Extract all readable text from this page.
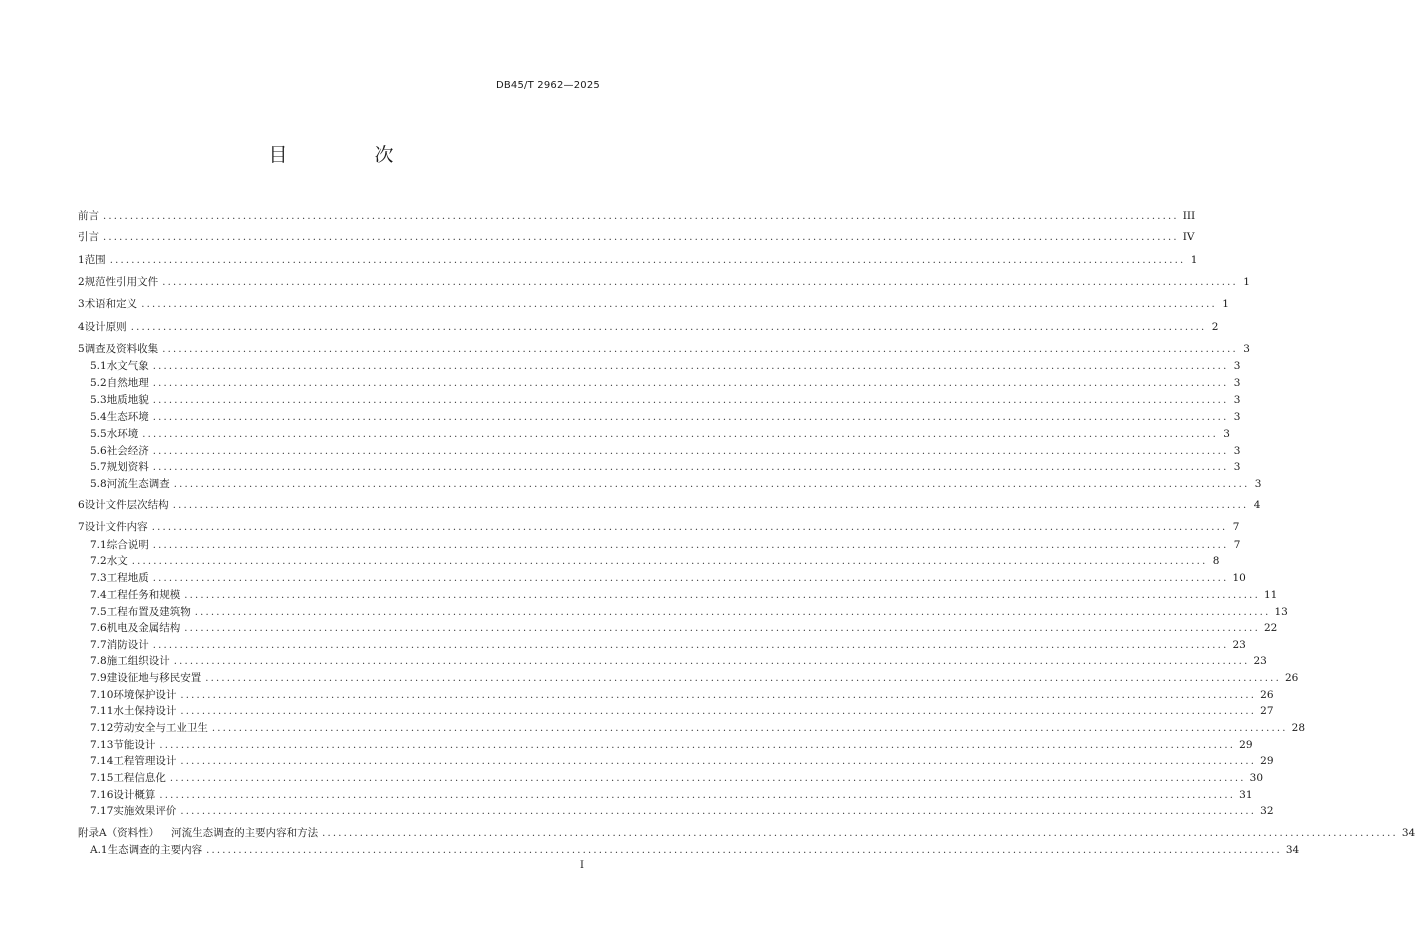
DB45/T 2962—2025
目　次
前言 ........................................................................................................................................................................................................ III
引言 ........................................................................................................................................................................................................ IV
1 范围 ........................................................................................................................................................................................................ 1
2 规范性引用文件 ........................................................................................................................................................................................................ 1
3 术语和定义 ........................................................................................................................................................................................................ 1
4 设计原则 ........................................................................................................................................................................................................ 2
5 调查及资料收集 ........................................................................................................................................................................................................ 3
5.1 水文气象 ........................................................................................................................................................................................................ 3
5.2 自然地理 ........................................................................................................................................................................................................ 3
5.3 地质地貌 ........................................................................................................................................................................................................ 3
5.4 生态环境 ........................................................................................................................................................................................................ 3
5.5 水环境 ........................................................................................................................................................................................................ 3
5.6 社会经济 ........................................................................................................................................................................................................ 3
5.7 规划资料 ........................................................................................................................................................................................................ 3
5.8 河流生态调查 ........................................................................................................................................................................................................ 3
6 设计文件层次结构 ........................................................................................................................................................................................................ 4
7 设计文件内容 ........................................................................................................................................................................................................ 7
7.1 综合说明 ........................................................................................................................................................................................................ 7
7.2 水文 ........................................................................................................................................................................................................ 8
7.3 工程地质 ........................................................................................................................................................................................................ 10
7.4 工程任务和规模 ........................................................................................................................................................................................................ 11
7.5 工程布置及建筑物 ........................................................................................................................................................................................................ 13
7.6 机电及金属结构 ........................................................................................................................................................................................................ 22
7.7 消防设计 ........................................................................................................................................................................................................ 23
7.8 施工组织设计 ........................................................................................................................................................................................................ 23
7.9 建设征地与移民安置 ........................................................................................................................................................................................................ 26
7.10 环境保护设计 ........................................................................................................................................................................................................ 26
7.11 水土保持设计 ........................................................................................................................................................................................................ 27
7.12 劳动安全与工业卫生 ........................................................................................................................................................................................................ 28
7.13 节能设计 ........................................................................................................................................................................................................ 29
7.14 工程管理设计 ........................................................................................................................................................................................................ 29
7.15 工程信息化 ........................................................................................................................................................................................................ 30
7.16 设计概算 ........................................................................................................................................................................................................ 31
7.17 实施效果评价 ........................................................................................................................................................................................................ 32
附录A（资料性） 河流生态调查的主要内容和方法 ........................................................................................................................................................................................................ 34
A.1 生态调查的主要内容 ........................................................................................................................................................................................................ 34
I
